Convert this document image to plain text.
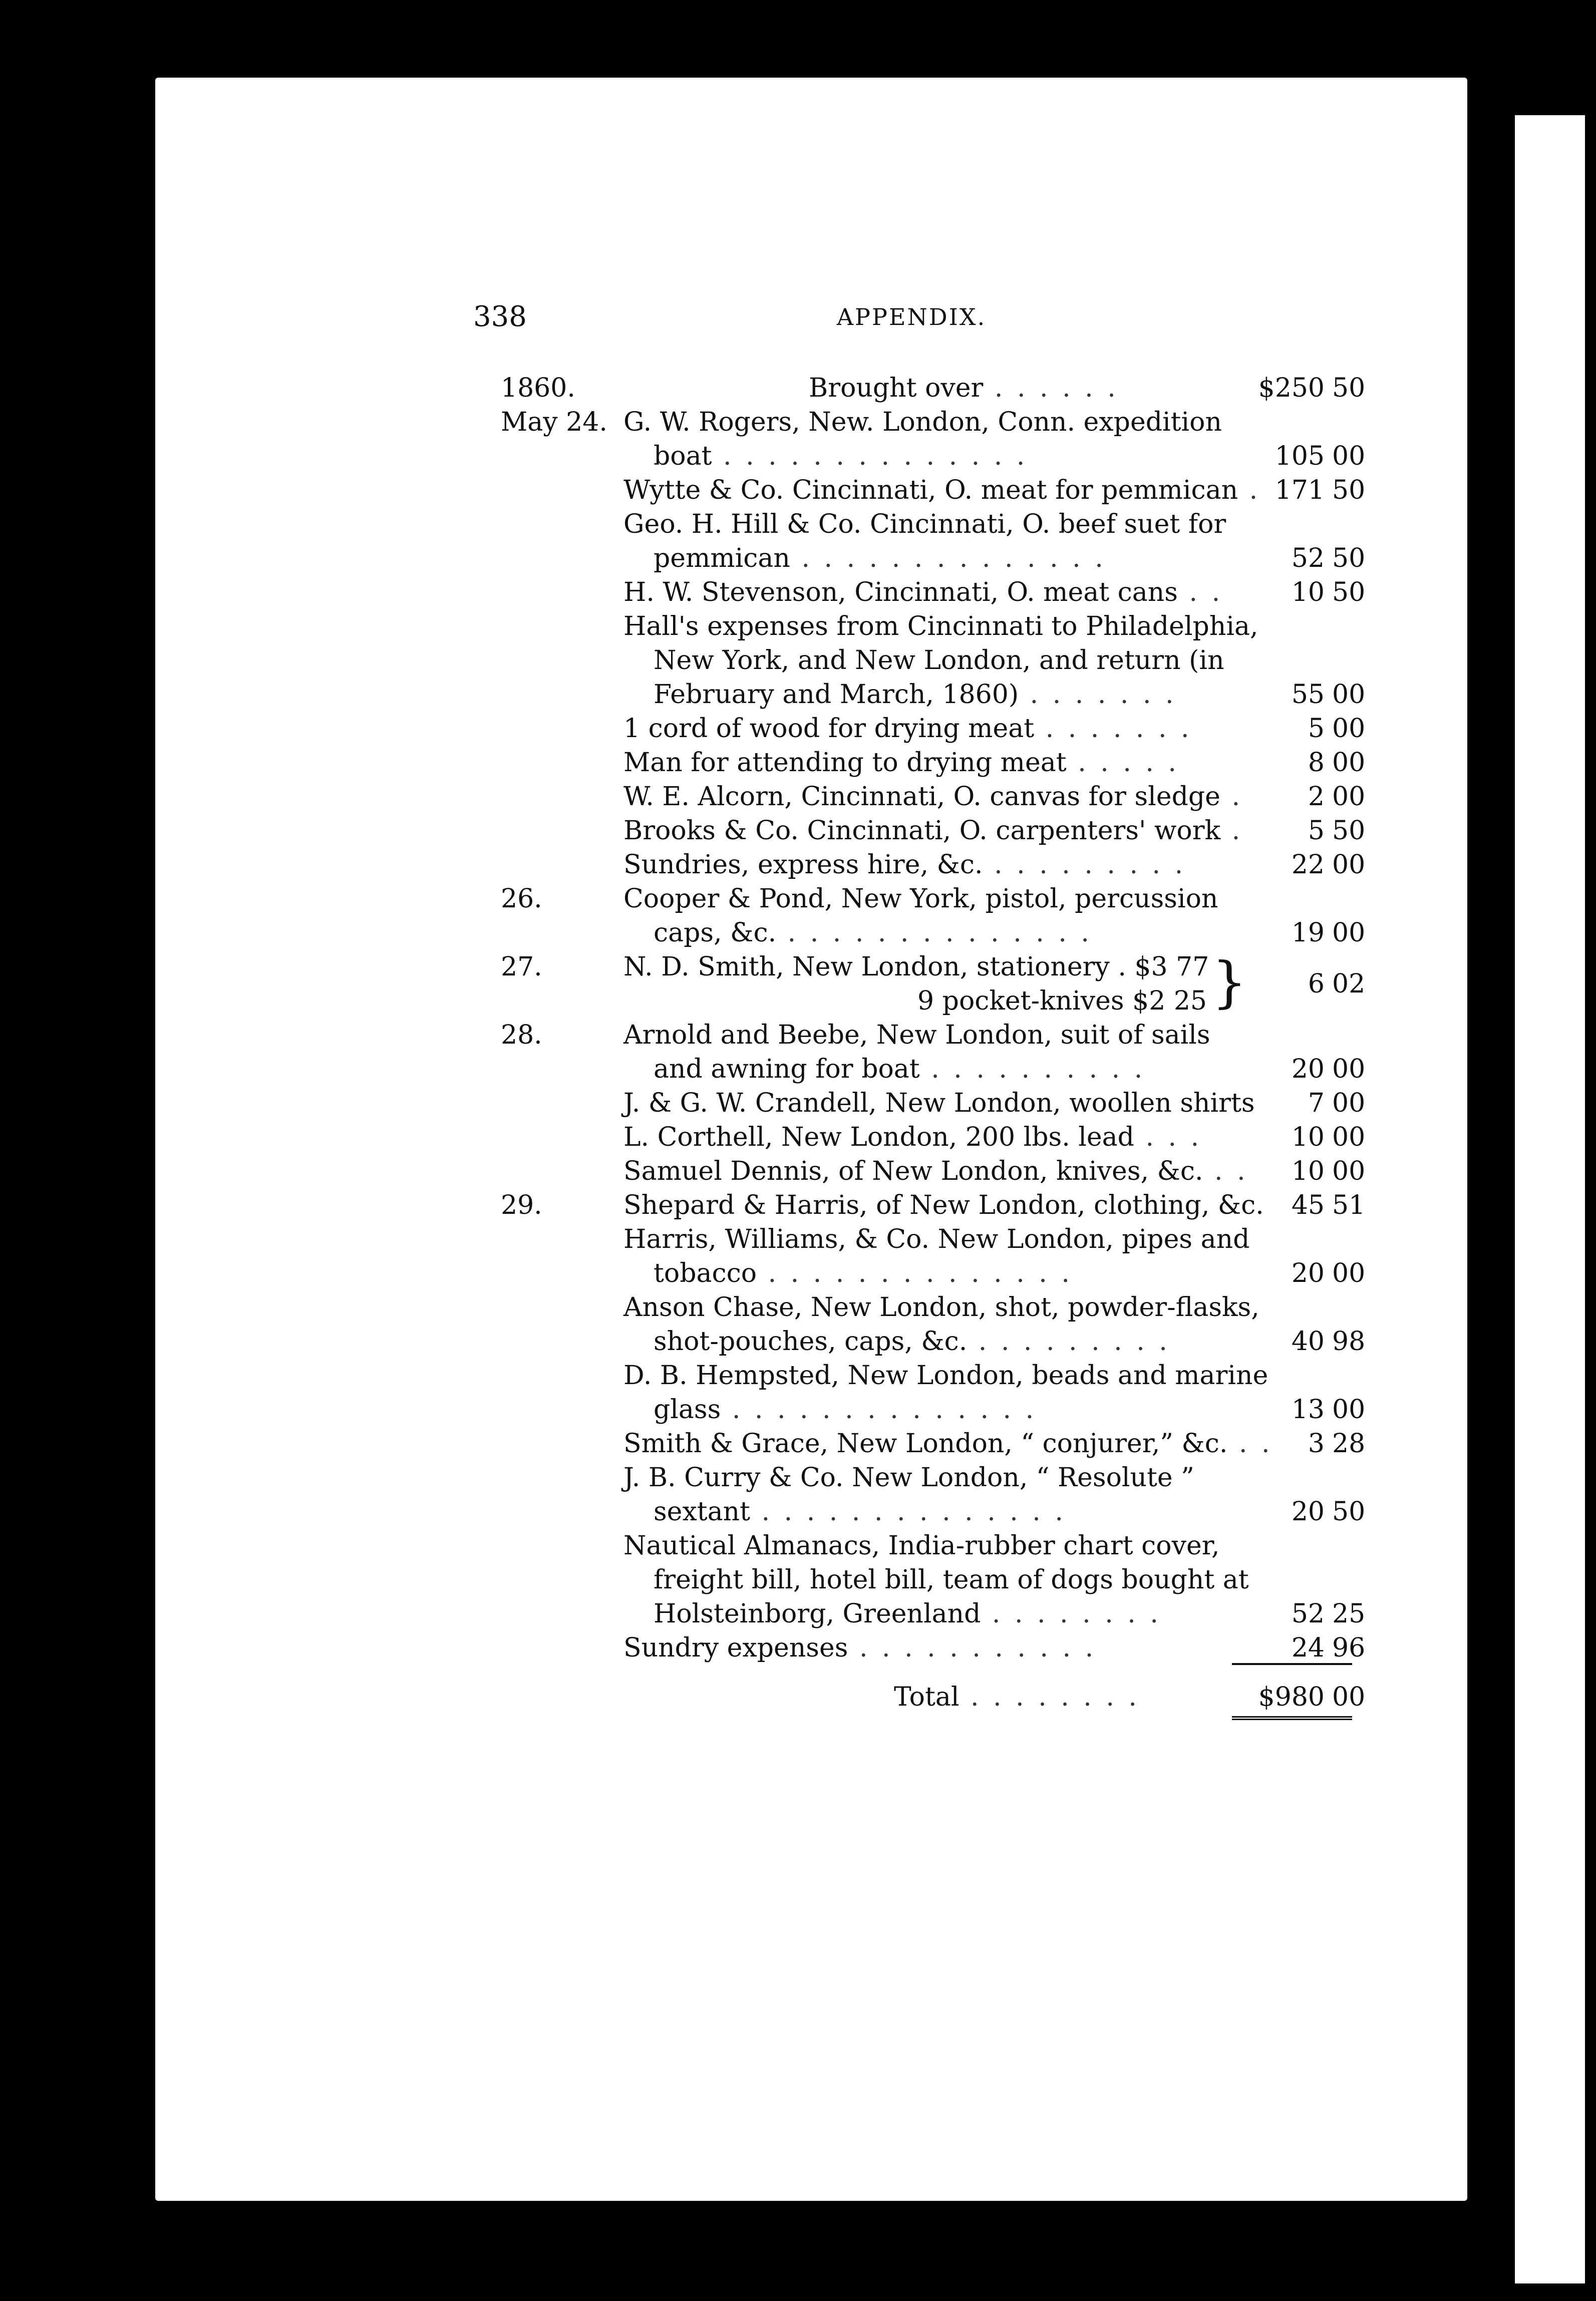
338	APPENDIX.
1860.	Brought over . . . . . .	$250 50
May 24. G. W. Rogers, New. London, Conn. expedition
boat . . . . . . . . . . . . . .	105 00
Wytte & Co. Cincinnati, O. meat for pemmican . 171 50
Geo. H. Hill & Co. Cincinnati, O. beef suet for
pemmican . . . . . . . . . . . . . .	52 50
H. W. Stevenson, Cincinnati, O. meat cans . .	10 50
Hall's expenses from Cincinnati to Philadelphia,
New York, and New London, and return (in
February and March, 1860) . . . . . . .	55 00
1 cord of wood for drying meat . . . . . . .	5 00
Man for attending to drying meat . . . . .	8 00
W. E. Alcorn, Cincinnati, O. canvas for sledge .	2 00
Brooks & Co. Cincinnati, O. carpenters' work .	5 50
Sundries, express hire, &c. . . . . . . . . .	22 00
26.	Cooper & Pond, New York, pistol, percussion
caps, &c. . . . . . . . . . . . . . .	19 00
27.	N. D. Smith, New London, stationery . $3 77 }	6 02
9 pocket-knives $2 25
28.	Arnold and Beebe, New London, suit of sails
and awning for boat . . . . . . . . . .	20 00
J. & G. W. Crandell, New London, woollen shirts	7 00
L. Corthell, New London, 200 lbs. lead . . .	10 00
Samuel Dennis, of New London, knives, &c. . .	10 00
29.	Shepard & Harris, of New London, clothing, &c.	45 51
Harris, Williams, & Co. New London, pipes and
tobacco . . . . . . . . . . . . . .	20 00
Anson Chase, New London, shot, powder-flasks,
shot-pouches, caps, &c. . . . . . . . . .	40 98
D. B. Hempsted, New London, beads and marine
glass . . . . . . . . . . . . . .	13 00
Smith & Grace, New London, “ conjurer,” &c. . .	3 28
J. B. Curry & Co. New London, “ Resolute ”
sextant . . . . . . . . . . . . . .	20 50
Nautical Almanacs, India-rubber chart cover,
freight bill, hotel bill, team of dogs bought at
Holsteinborg, Greenland . . . . . . . .	52 25
Sundry expenses . . . . . . . . . . .	24 96
Total . . . . . . . .	$980 00
